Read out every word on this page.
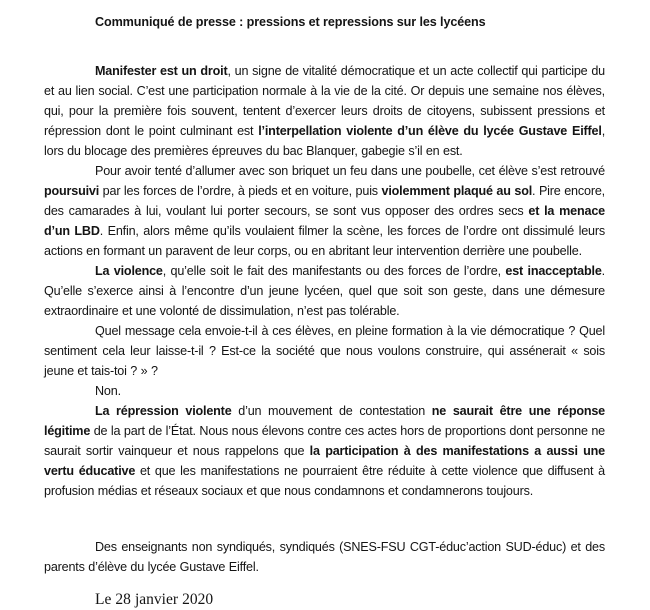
Communiqué de presse : pressions et repressions sur les lycéens

Manifester est un droit, un signe de vitalité démocratique et un acte collectif qui participe du et au lien social. C’est une participation normale à la vie de la cité. Or depuis une semaine nos élèves, qui, pour la première fois souvent, tentent d’exercer leurs droits de citoyens, subissent pressions et répression dont le point culminant est l’interpellation violente d’un élève du lycée Gustave Eiffel, lors du blocage des premières épreuves du bac Blanquer, gabegie s’il en est.

Pour avoir tenté d’allumer avec son briquet un feu dans une poubelle, cet élève s’est retrouvé poursuivi par les forces de l’ordre, à pieds et en voiture, puis violemment plaqué au sol. Pire encore, des camarades à lui, voulant lui porter secours, se sont vus opposer des ordres secs et la menace d’un LBD. Enfin, alors même qu’ils voulaient filmer la scène, les forces de l’ordre ont dissimulé leurs actions en formant un paravent de leur corps, ou en abritant leur intervention derrière une poubelle.

La violence, qu’elle soit le fait des manifestants ou des forces de l’ordre, est inacceptable. Qu’elle s’exerce ainsi à l’encontre d’un jeune lycéen, quel que soit son geste, dans une démesure extraordinaire et une volonté de dissimulation, n’est pas tolérable.

Quel message cela envoie-t-il à ces élèves, en pleine formation à la vie démocratique ? Quel sentiment cela leur laisse-t-il ? Est-ce la société que nous voulons construire, qui assénerait « sois jeune et tais-toi ? » ?

Non.

La répression violente d’un mouvement de contestation ne saurait être une réponse légitime de la part de l’État. Nous nous élevons contre ces actes hors de proportions dont personne ne saurait sortir vainqueur et nous rappelons que la participation à des manifestations a aussi une vertu éducative et que les manifestations ne pourraient être réduite à cette violence que diffusent à profusion médias et réseaux sociaux et que nous condamnons et condamnerons toujours.

Des enseignants non syndiqués, syndiqués (SNES-FSU CGT-éduc’action SUD-éduc) et des parents d’élève du lycée Gustave Eiffel.

Le 28 janvier 2020
